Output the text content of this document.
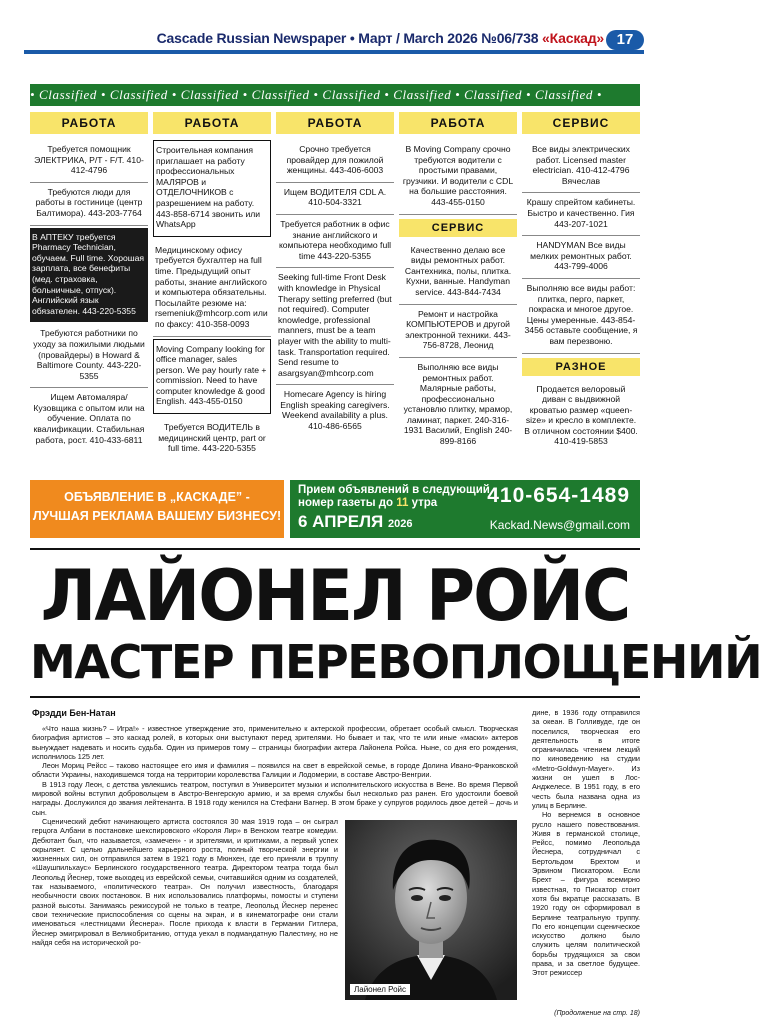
Cascade Russian Newspaper • Март / March 2026 №06/738 «Каскад» 17
• Classified • Classified • Classified • Classified • Classified • Classified • Classified • Classified •
РАБОТА
Требуется помощник ЭЛЕКТРИКА, P/T - F/T. 410-412-4796
Требуются люди для работы в гостинице (центр Балтимора). 443-203-7764
В АПТЕКУ требуется Pharmacy Technician, обучаем. Full time. Хорошая зарплата, все бенефиты (мед. страховка, больничные, отпуск). Английский язык обязателен. 443-220-5355
Требуются работники по уходу за пожилыми людьми (провайдеры) в Howard & Baltimore County. 443-220-5355
Ищем Автомаляра/Кузовщика с опытом или на обучение. Оплата по квалификации. Стабильная работа, рост. 410-433-6811
РАБОТА
Строительная компания приглашает на работу профессиональных МАЛЯРОВ и ОТДЕЛОЧНИКОВ с разрешением на работу. 443-858-6714 звонить или WhatsApp
Медицинскому офису требуется бухгалтер на full time. Предыдущий опыт работы, знание английского и компьютера обязательны. Посылайте резюме на: rsemeniuk@mhcorp.com или по факсу: 410-358-0093
Moving Company looking for office manager, sales person. We pay hourly rate + commission. Need to have computer knowledge & good English. 443-455-0150
Требуется ВОДИТЕЛЬ в медицинский центр, part or full time. 443-220-5355
РАБОТА
Срочно требуется провайдер для пожилой женщины. 443-406-6003
Ищем ВОДИТЕЛЯ CDL A. 410-504-3321
Требуется работник в офис знание английского и компьютера необходимо full time 443-220-5355
Seeking full-time Front Desk with knowledge in Physical Therapy setting preferred (but not required). Computer knowledge, professional manners, must be a team player with the ability to multi-task. Transportation required. Send resume to asargsyan@mhcorp.com
Homecare Agency is hiring English speaking caregivers. Weekend availability a plus. 410-486-6565
РАБОТА
В Moving Company срочно требуются водители с простыми правами, грузчики. И водители с CDL на большие расстояния. 443-455-0150
СЕРВИС
Качественно делаю все виды ремонтных работ. Сантехника, полы, плитка. Кухни, ванные. Handyman service. 443-844-7434
Ремонт и настройка КОМПЬЮТЕРОВ и другой электронной техники. 443-756-8728, Леонид
Выполняю все виды ремонтных работ. Малярные работы, профессионально установлю плитку, мрамор, ламинат, паркет. 240-316-1931 Василий, English 240-899-8166
СЕРВИС
Все виды электрических работ. Licensed master electrician. 410-412-4796 Вячеслав
Крашу спрейтом кабинеты. Быстро и качественно. Гия 443-207-1021
HANDYMAN Все виды мелких ремонтных работ. 443-799-4006
Выполняю все виды работ: плитка, перго, паркет, покраска и многое другое. Цены умеренные. 443-854-3456 оставьте сообщение, я вам перезвоню.
РАЗНОЕ
Продается велоровый диван с выдвижной кроватью размер «queen-size» и кресло в комплекте. В отличном состоянии $400. 410-419-5853
ОБЪЯВЛЕНИЕ В „КАСКАДЕ” -
ЛУЧШАЯ РЕКЛАМА ВАШЕМУ БИЗНЕСУ!
Прием объявлений в следующий
номер газеты до 11 утра
6 АПРЕЛЯ 2026
410-654-1489
Kackad.News@gmail.com
ЛАЙОНЕЛ РОЙС
МАСТЕР ПЕРЕВОПЛОЩЕНИЙ
Фрэдди Бен-Натан

«Что наша жизнь? – Игра!» - известное утверждение это, применительно к актерской профессии, обретает особый смысл. Творческая биография артистов – это каскад ролей, в которых они выступают перед зрителями. Но бывает и так, что те или иные «маски» актеров вынуждает надевать и носить судьба. Один из примеров тому – страницы биографии актера Лайонела Ройса. Ныне, со дня его рождения, исполнилось 125 лет.

Леон Мориц Рейсс – таково настоящее его имя и фамилия – появился на свет в еврейской семье, в городе Долина Ивано-Франковской области Украины, находившемся тогда на территории королевства Галиции и Лодомерии, в составе Австро-Венгрии.

В 1913 году Леон, с детства увлекшись театром, поступил в Университет музыки и исполнительского искусства в Вене. Во время Первой мировой войны вступил добровольцем в Австро-Венгерскую армию, и за время службы был несколько раз ранен. Его удостоили боевой награды. Дослужился до звания лейтенанта. В 1918 году женился на Стефани Вагнер. В этом браке у супругов родилось двое детей – дочь и сын.

Сценический дебют начинающего артиста состоялся 30 мая 1919 года – он сыграл герцога Албани в постановке шекспировского «Короля Лир» в Венском театре комедии. Дебютант был, что называется, «замечен» - и зрителями, и критиками, а первый успех окрыляет. С целью дальнейшего карьерного роста, полный творческой энергии и жизненных сил, он отправился затем в 1921 году в Мюнхен, где его приняли в труппу «Шаушпильхаус» Берлинского государственного театра. Директором театра тогда был Леопольд Йеснер, тоже выходец из еврейской семьи, считавшийся одним из создателей, так называемого, «политического театра». Он получил известность, благодаря необычности своих постановок. В них использовались платформы, помосты и ступени разной высоты. Занимаясь режиссурой не только в театре, Леопольд Йеснер перенес свои технические приспособления со сцены на экран, и в кинематографе они стали именоваться «лестницами Йеснера». После прихода к власти в Германии Гитлера, Йеснер эмигрировал в Великобританию, оттуда уехал в подмандатную Палестину, но не найдя себя на исторической ро-

Лайонел Ройс

дине, в 1936 году отправился за океан. В Голливуде, где он поселился, творческая его деятельность в итоге ограничилась чтением лекций по киноведению на студии «Metro-Goldwyn-Mayer». Из жизни он ушел в Лос-Анджелесе. В 1951 году, в его честь была названа одна из улиц в Берлине.

Но вернемся в основное русло нашего повествования. Живя в германской столице, Рейсс, помимо Леопольда Йеснера, сотрудничал с Бертольдом Брехтом и Эрвином Пискатором. Если Брехт – фигура всемирно известная, то Пискатор стоит хотя бы вкратце рассказать. В 1920 году он сформировал в Берлине театральную труппу. По его концепции сценическое искусство должно было служить целям политической борьбы трудящихся за свои права, и за светлое будущее. Этот режиссер

(Продолжение на стр. 18)
